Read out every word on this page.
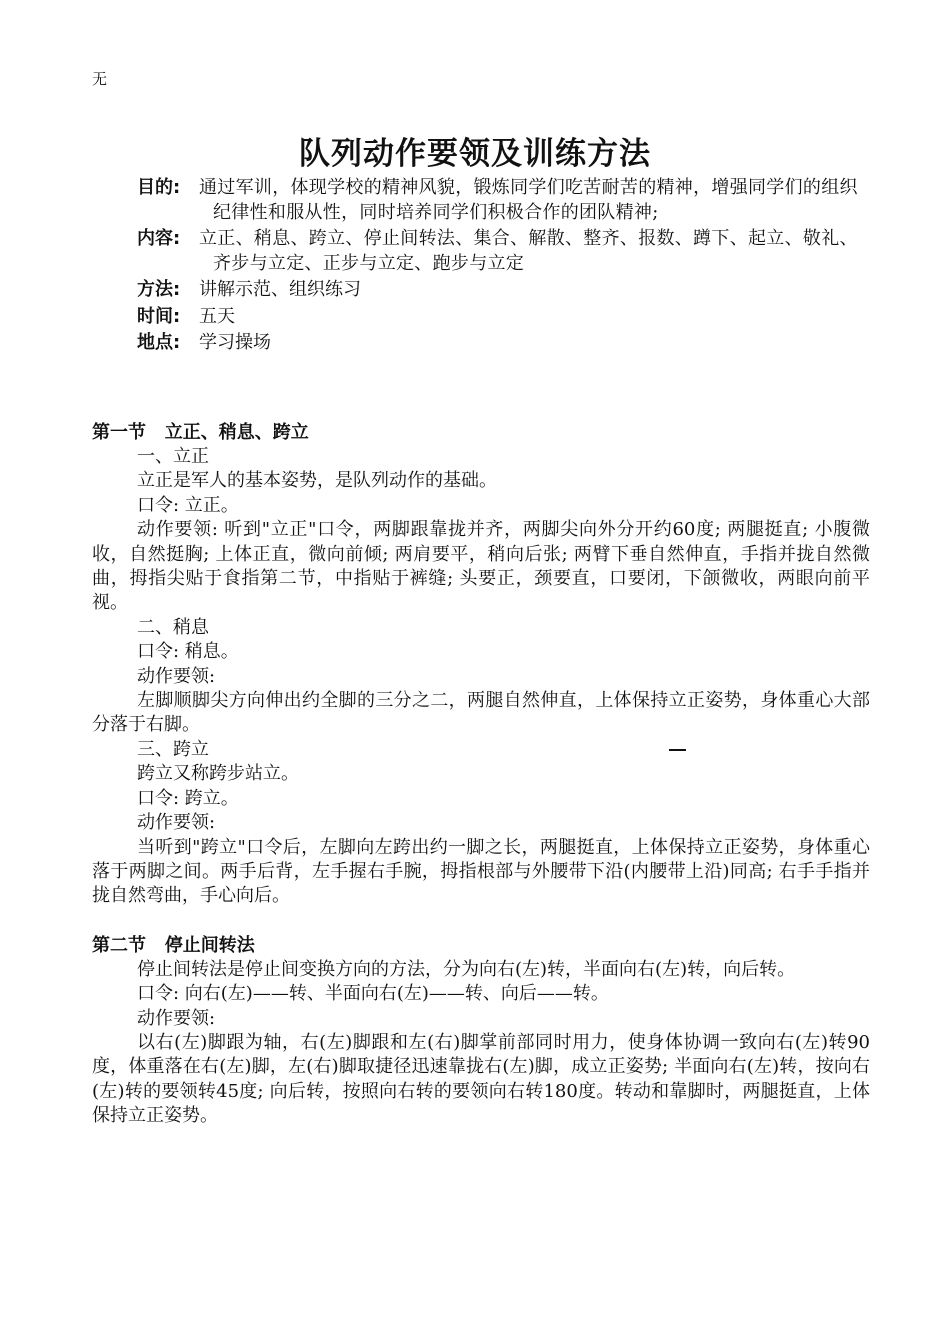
无
队列动作要领及训练方法
目的:	通过军训，体现学校的精神风貌，锻炼同学们吃苦耐苦的精神，增强同学们的组织纪律性和服从性，同时培养同学们积极合作的团队精神;
内容:	立正、稍息、跨立、停止间转法、集合、解散、整齐、报数、蹲下、起立、敬礼、齐步与立定、正步与立定、跑步与立定
方法:	讲解示范、组织练习
时间:	五天
地点:	学习操场

第一节   立正、稍息、跨立

一、立正

立正是军人的基本姿势，是队列动作的基础。

口令: 立正。

动作要领: 听到"立正"口令，两脚跟靠拢并齐，两脚尖向外分开约60度; 两腿挺直; 小腹微收，自然挺胸; 上体正直，微向前倾; 两肩要平，稍向后张; 两臂下垂自然伸直，手指并拢自然微曲，拇指尖贴于食指第二节，中指贴于裤缝; 头要正，颈要直，口要闭，下颌微收，两眼向前平视。

二、稍息

口令: 稍息。

动作要领:

左脚顺脚尖方向伸出约全脚的三分之二，两腿自然伸直，上体保持立正姿势，身体重心大部分落于右脚。

三、跨立

跨立又称跨步站立。

口令: 跨立。

动作要领:

当听到"跨立"口令后，左脚向左跨出约一脚之长，两腿挺直，上体保持立正姿势，身体重心落于两脚之间。两手后背，左手握右手腕，拇指根部与外腰带下沿(内腰带上沿)同高; 右手手指并拢自然弯曲，手心向后。

第二节   停止间转法

停止间转法是停止间变换方向的方法，分为向右(左)转，半面向右(左)转，向后转。

口令: 向右(左)——转、半面向右(左)——转、向后——转。

动作要领:

以右(左)脚跟为轴，右(左)脚跟和左(右)脚掌前部同时用力，使身体协调一致向右(左)转90度，体重落在右(左)脚，左(右)脚取捷径迅速靠拢右(左)脚，成立正姿势; 半面向右(左)转，按向右(左)转的要领转45度; 向后转，按照向右转的要领向右转180度。转动和靠脚时，两腿挺直，上体保持立正姿势。
